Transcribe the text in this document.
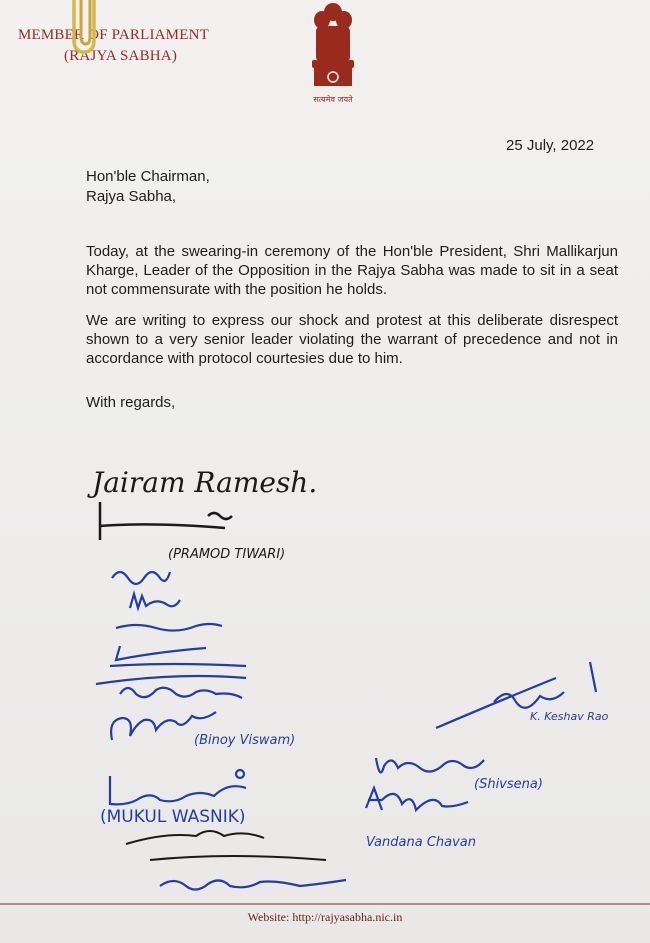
MEMBER OF PARLIAMENT
(RAJYA SABHA)
सत्यमेव जयते
25 July, 2022
Hon'ble Chairman,
Rajya Sabha,

Today, at the swearing-in ceremony of the Hon'ble President, Shri Mallikarjun Kharge, Leader of the Opposition in the Rajya Sabha was made to sit in a seat not commensurate with the position he holds.

We are writing to express our shock and protest at this deliberate disrespect shown to a very senior leader violating the warrant of precedence and not in accordance with protocol courtesies due to him.

With regards,
Jairam Ramesh.
(PRAMOD TIWARI)
(Binoy Viswam)
(MUKUL WASNIK)
(Shivsena)
K. Keshav Rao
Vandana Chavan
Website: http://rajyasabha.nic.in
